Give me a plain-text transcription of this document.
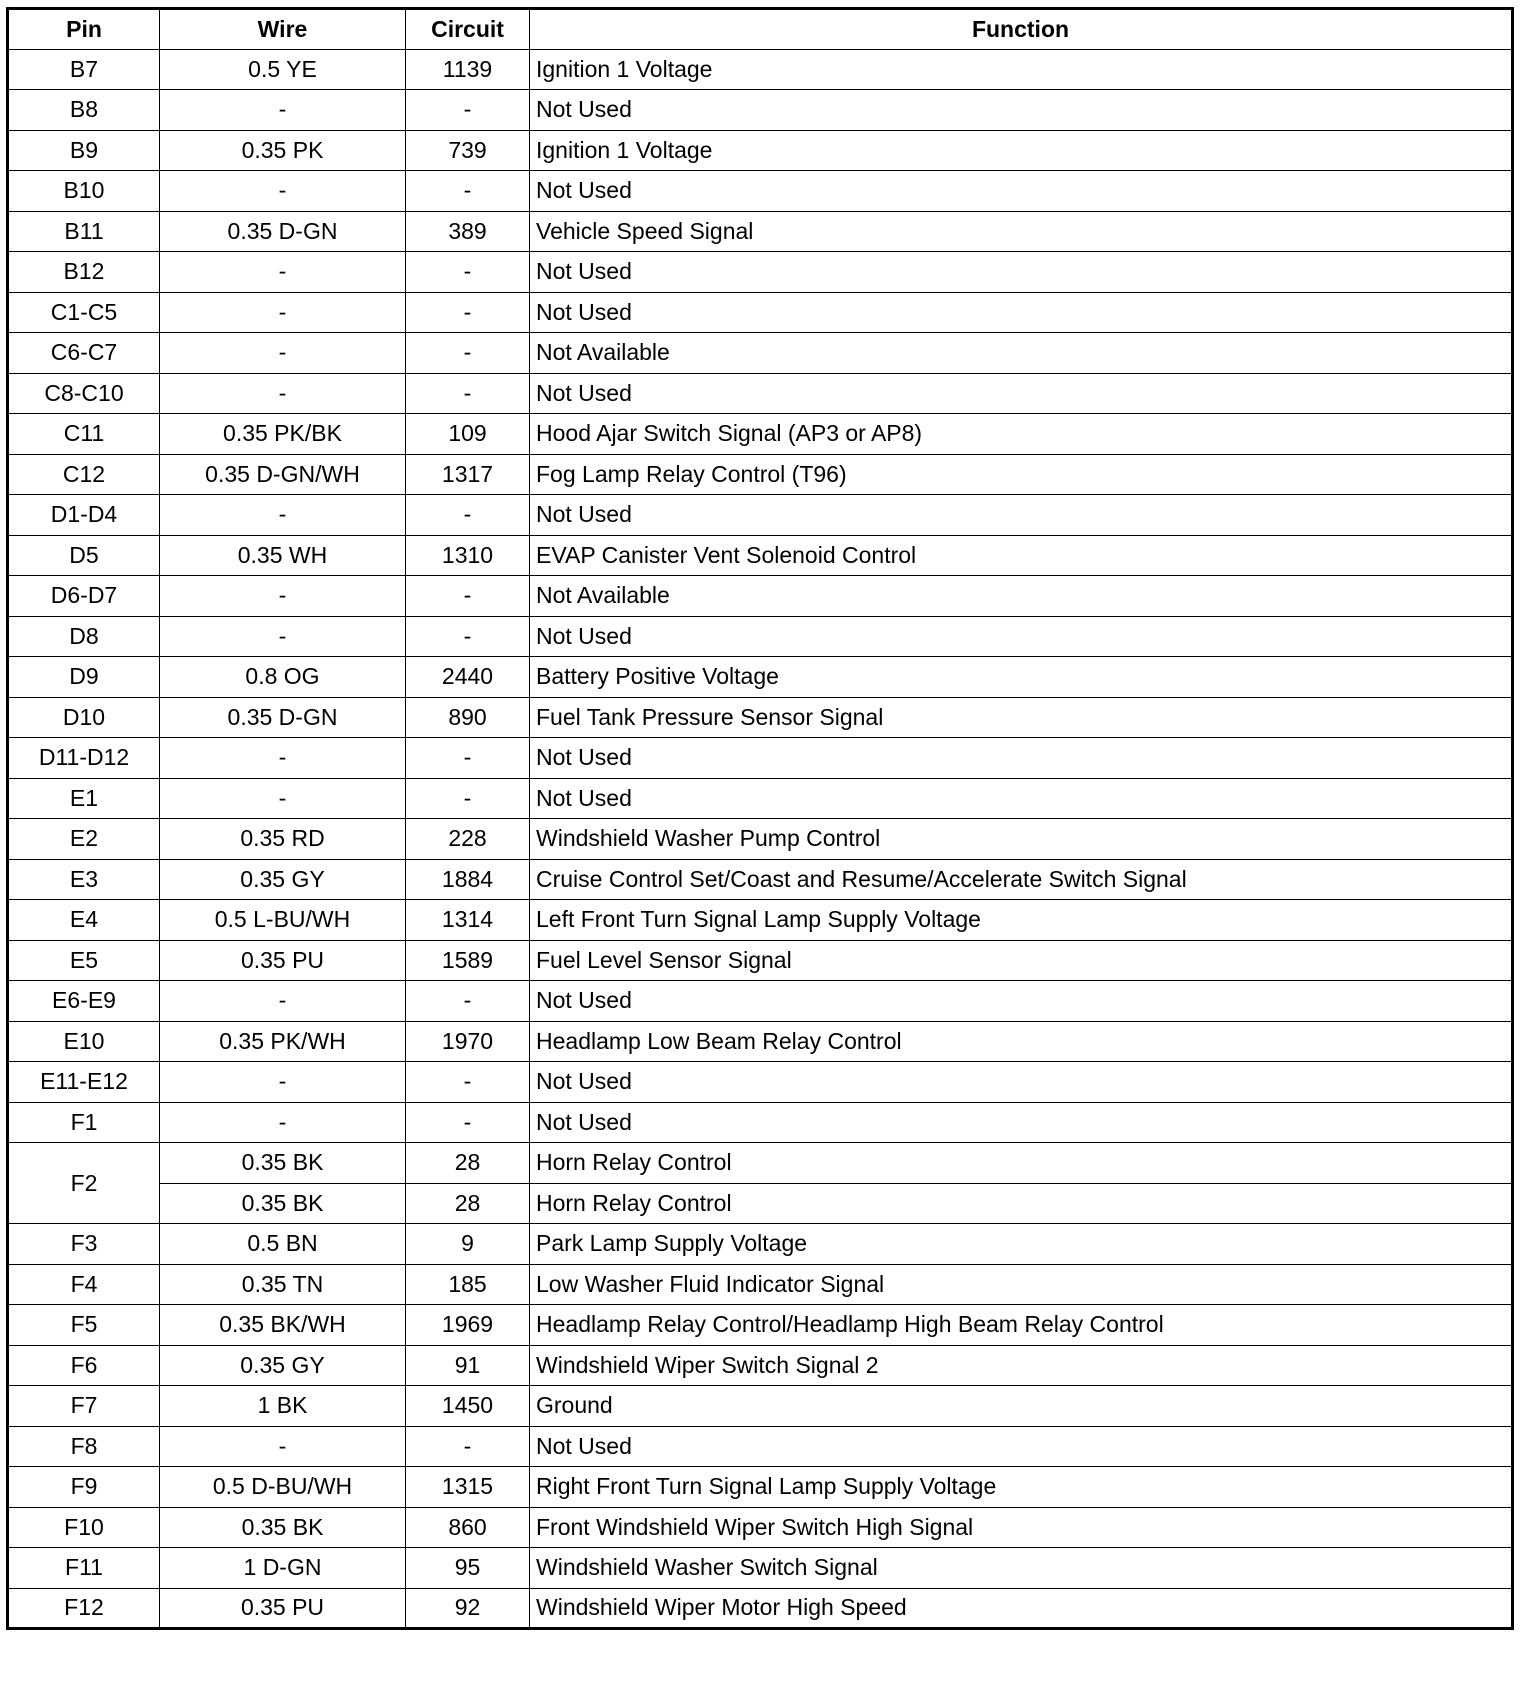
Pin	Wire	Circuit	Function
B7	0.5 YE	1139	Ignition 1 Voltage
B8	-	-	Not Used
B9	0.35 PK	739	Ignition 1 Voltage
B10	-	-	Not Used
B11	0.35 D-GN	389	Vehicle Speed Signal
B12	-	-	Not Used
C1-C5	-	-	Not Used
C6-C7	-	-	Not Available
C8-C10	-	-	Not Used
C11	0.35 PK/BK	109	Hood Ajar Switch Signal (AP3 or AP8)
C12	0.35 D-GN/WH	1317	Fog Lamp Relay Control (T96)
D1-D4	-	-	Not Used
D5	0.35 WH	1310	EVAP Canister Vent Solenoid Control
D6-D7	-	-	Not Available
D8	-	-	Not Used
D9	0.8 OG	2440	Battery Positive Voltage
D10	0.35 D-GN	890	Fuel Tank Pressure Sensor Signal
D11-D12	-	-	Not Used
E1	-	-	Not Used
E2	0.35 RD	228	Windshield Washer Pump Control
E3	0.35 GY	1884	Cruise Control Set/Coast and Resume/Accelerate Switch Signal
E4	0.5 L-BU/WH	1314	Left Front Turn Signal Lamp Supply Voltage
E5	0.35 PU	1589	Fuel Level Sensor Signal
E6-E9	-	-	Not Used
E10	0.35 PK/WH	1970	Headlamp Low Beam Relay Control
E11-E12	-	-	Not Used
F1	-	-	Not Used
F2	0.35 BK	28	Horn Relay Control
	0.35 BK	28	Horn Relay Control
F3	0.5 BN	9	Park Lamp Supply Voltage
F4	0.35 TN	185	Low Washer Fluid Indicator Signal
F5	0.35 BK/WH	1969	Headlamp Relay Control/Headlamp High Beam Relay Control
F6	0.35 GY	91	Windshield Wiper Switch Signal 2
F7	1 BK	1450	Ground
F8	-	-	Not Used
F9	0.5 D-BU/WH	1315	Right Front Turn Signal Lamp Supply Voltage
F10	0.35 BK	860	Front Windshield Wiper Switch High Signal
F11	1 D-GN	95	Windshield Washer Switch Signal
F12	0.35 PU	92	Windshield Wiper Motor High Speed
